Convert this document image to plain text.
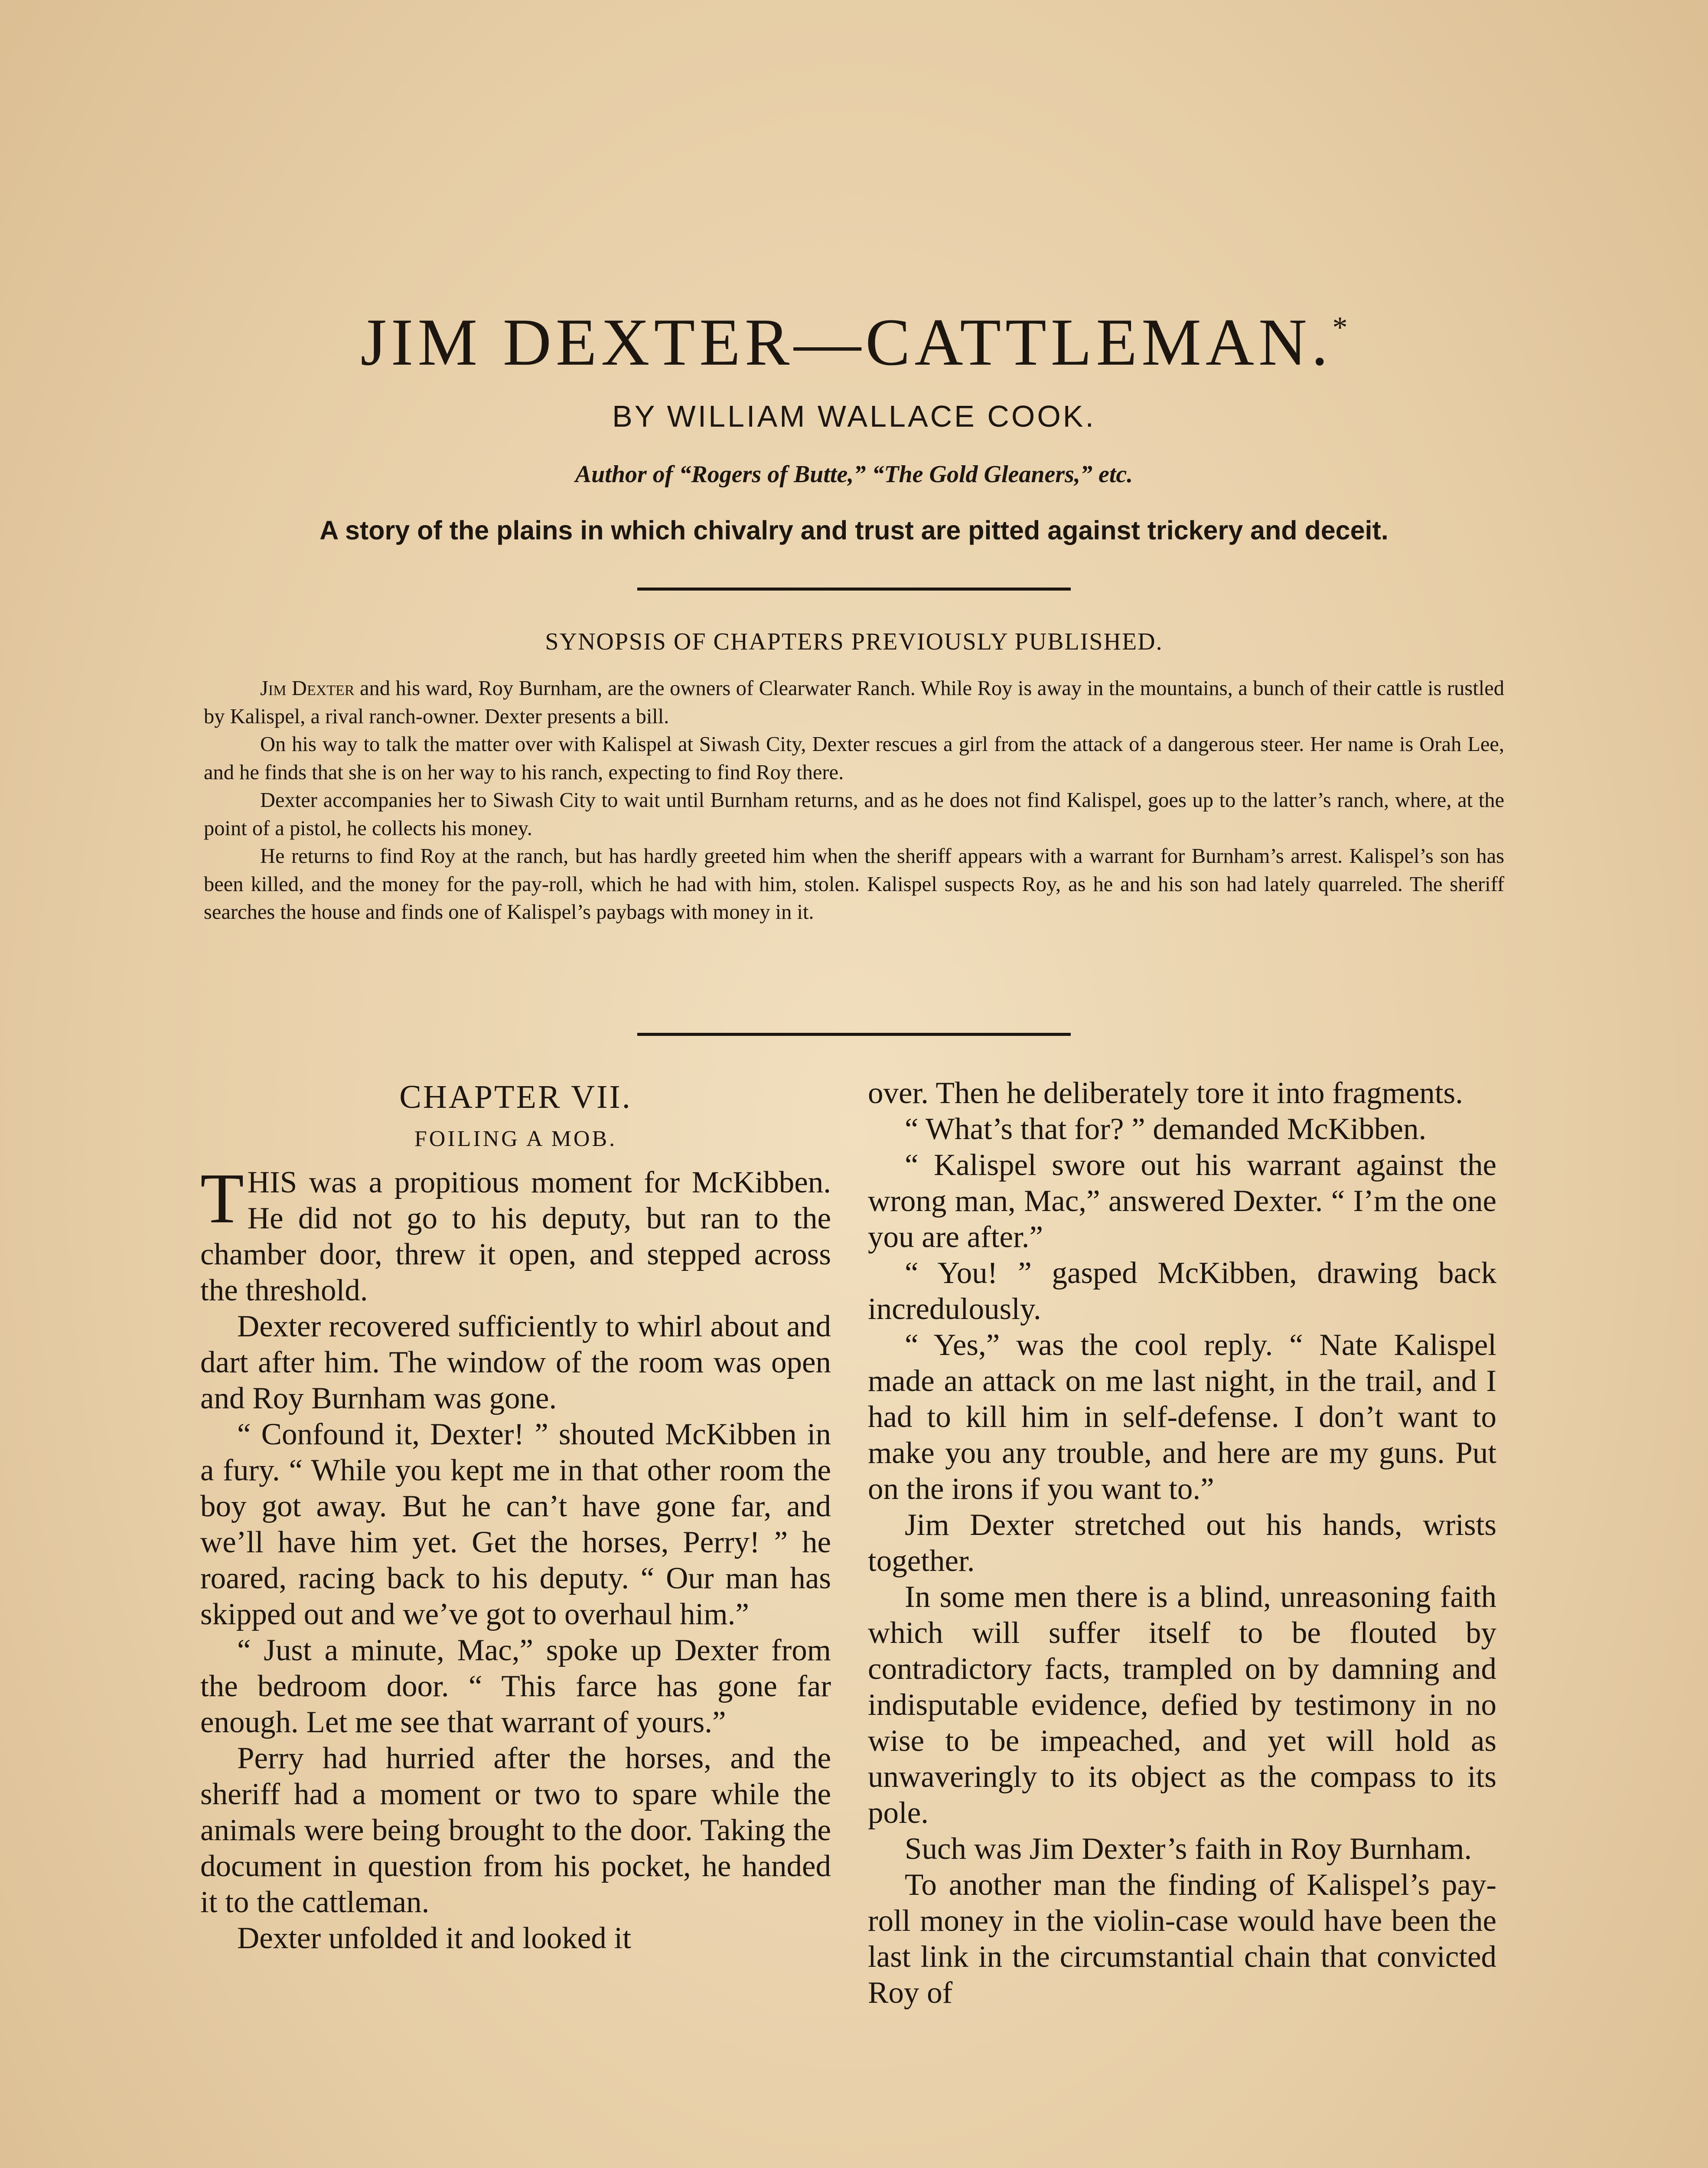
JIM DEXTER—CATTLEMAN.*
BY WILLIAM WALLACE COOK.
Author of “Rogers of Butte,” “The Gold Gleaners,” etc.
A story of the plains in which chivalry and trust are pitted against trickery and deceit.
SYNOPSIS OF CHAPTERS PREVIOUSLY PUBLISHED.

Jim Dexter and his ward, Roy Burnham, are the owners of Clearwater Ranch. While Roy is away in the mountains, a bunch of their cattle is rustled by Kalispel, a rival ranch-owner. Dexter presents a bill.

On his way to talk the matter over with Kalispel at Siwash City, Dexter rescues a girl from the attack of a dangerous steer. Her name is Orah Lee, and he finds that she is on her way to his ranch, expecting to find Roy there.

Dexter accompanies her to Siwash City to wait until Burnham returns, and as he does not find Kalispel, goes up to the latter’s ranch, where, at the point of a pistol, he collects his money.

He returns to find Roy at the ranch, but has hardly greeted him when the sheriff appears with a warrant for Burnham’s arrest. Kalispel’s son has been killed, and the money for the pay-roll, which he had with him, stolen. Kalispel suspects Roy, as he and his son had lately quarreled. The sheriff searches the house and finds one of Kalispel’s paybags with money in it.

CHAPTER VII.
FOILING A MOB.

THIS was a propitious moment for McKibben. He did not go to his deputy, but ran to the chamber door, threw it open, and stepped across the threshold.

Dexter recovered sufficiently to whirl about and dart after him. The window of the room was open and Roy Burnham was gone.

“ Confound it, Dexter! ” shouted McKibben in a fury. “ While you kept me in that other room the boy got away. But he can’t have gone far, and we’ll have him yet. Get the horses, Perry! ” he roared, racing back to his deputy. “ Our man has skipped out and we’ve got to overhaul him.”

“ Just a minute, Mac,” spoke up Dexter from the bedroom door. “ This farce has gone far enough. Let me see that warrant of yours.”

Perry had hurried after the horses, and the sheriff had a moment or two to spare while the animals were being brought to the door. Taking the document in question from his pocket, he handed it to the cattleman.

Dexter unfolded it and looked it

over. Then he deliberately tore it into fragments.

“ What’s that for? ” demanded McKibben.

“ Kalispel swore out his warrant against the wrong man, Mac,” answered Dexter. “ I’m the one you are after.”

“ You! ” gasped McKibben, drawing back incredulously.

“ Yes,” was the cool reply. “ Nate Kalispel made an attack on me last night, in the trail, and I had to kill him in self-defense. I don’t want to make you any trouble, and here are my guns. Put on the irons if you want to.”

Jim Dexter stretched out his hands, wrists together.

In some men there is a blind, unreasoning faith which will suffer itself to be flouted by contradictory facts, trampled on by damning and indisputable evidence, defied by testimony in no wise to be impeached, and yet will hold as unwaveringly to its object as the compass to its pole.

Such was Jim Dexter’s faith in Roy Burnham.

To another man the finding of Kalispel’s pay-roll money in the violin-case would have been the last link in the circumstantial chain that convicted Roy of
